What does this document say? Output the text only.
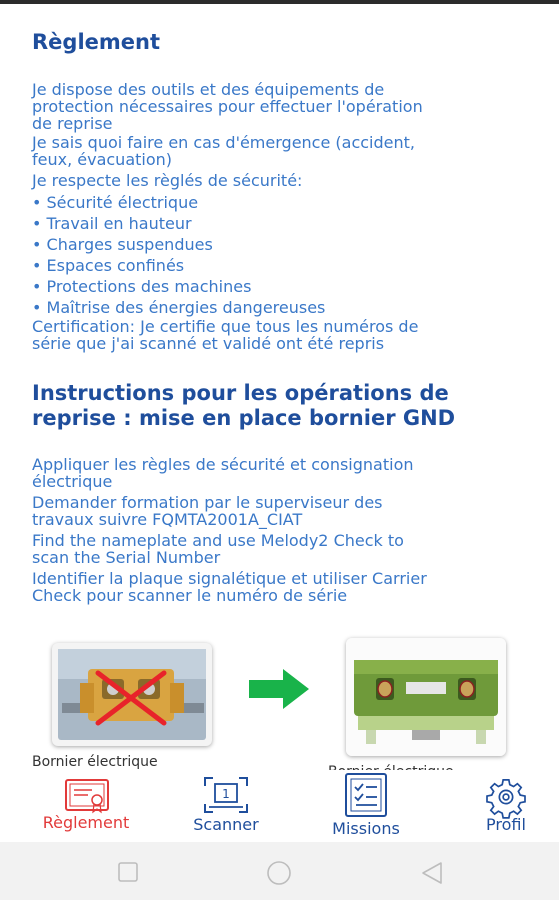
Règlement
Je dispose des outils et des équipements de
protection nécessaires pour effectuer l'opération
de reprise
Je sais quoi faire en cas d'émergence (accident,
feux, évacuation)
Je respecte les règlés de sécurité:
• Sécurité électrique
• Travail en hauteur
• Charges suspendues
• Espaces confinés
• Protections des machines
• Maîtrise des énergies dangereuses
Certification: Je certifie que tous les numéros de
série que j'ai scanné et validé ont été repris
Instructions pour les opérations de
reprise : mise en place bornier GND
Appliquer les règles de sécurité et consignation
électrique
Demander formation par le superviseur des
travaux suivre FQMTA2001A_CIAT
Find the nameplate and use Melody2 Check to
scan the Serial Number
Identifier la plaque signalétique et utiliser Carrier
Check pour scanner le numéro de série
Bornier électrique
Règlement
1
Scanner	Missions	Profil
